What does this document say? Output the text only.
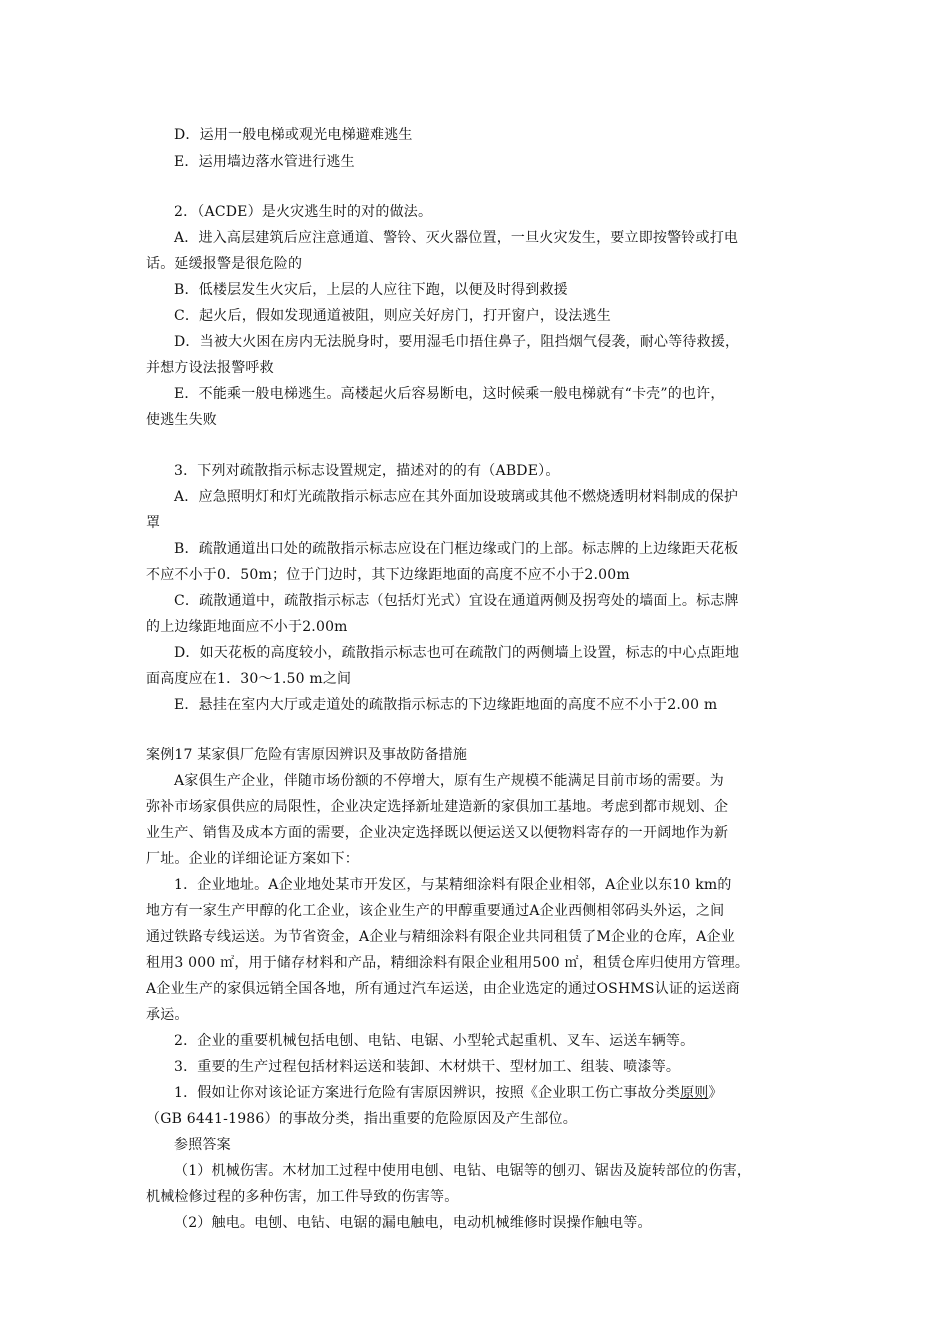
D．运用一般电梯或观光电梯避难逃生
E．运用墙边落水管进行逃生
2．（ACDE）是火灾逃生时的对的做法。
A．进入高层建筑后应注意通道、警铃、灭火器位置，一旦火灾发生，要立即按警铃或打电
话。延缓报警是很危险的
B．低楼层发生火灾后，上层的人应往下跑，以便及时得到救援
C．起火后，假如发现通道被阻，则应关好房门，打开窗户，设法逃生
D．当被大火困在房内无法脱身时，要用湿毛巾捂住鼻子，阻挡烟气侵袭，耐心等待救援，
并想方设法报警呼救
E．不能乘一般电梯逃生。高楼起火后容易断电，这时候乘一般电梯就有“卡壳”的也许，
使逃生失败
3．下列对疏散指示标志设置规定，描述对的的有（ABDE）。
A．应急照明灯和灯光疏散指示标志应在其外面加设玻璃或其他不燃烧透明材料制成的保护
罩
B．疏散通道出口处的疏散指示标志应设在门框边缘或门的上部。标志牌的上边缘距天花板
不应不小于0．50m；位于门边时，其下边缘距地面的高度不应不小于2.00m
C．疏散通道中，疏散指示标志（包括灯光式）宜设在通道两侧及拐弯处的墙面上。标志牌
的上边缘距地面应不小于2.00m
D．如天花板的高度较小，疏散指示标志也可在疏散门的两侧墙上设置，标志的中心点距地
面高度应在1．30～1.50 m之间
E．悬挂在室内大厅或走道处的疏散指示标志的下边缘距地面的高度不应不小于2.00 m
案例17 某家俱厂危险有害原因辨识及事故防备措施
A家俱生产企业，伴随市场份额的不停增大，原有生产规模不能满足目前市场的需要。为
弥补市场家俱供应的局限性，企业决定选择新址建造新的家俱加工基地。考虑到都市规划、企
业生产、销售及成本方面的需要，企业决定选择既以便运送又以便物料寄存的一开阔地作为新
厂址。企业的详细论证方案如下：
1．企业地址。A企业地处某市开发区，与某精细涂料有限企业相邻，A企业以东10 km的
地方有一家生产甲醇的化工企业，该企业生产的甲醇重要通过A企业西侧相邻码头外运，之间
通过铁路专线运送。为节省资金，A企业与精细涂料有限企业共同租赁了M企业的仓库，A企业
租用3 000 ㎡，用于储存材料和产品，精细涂料有限企业租用500 ㎡，租赁仓库归使用方管理。
A企业生产的家俱远销全国各地，所有通过汽车运送，由企业选定的通过OSHMS认证的运送商
承运。
2．企业的重要机械包括电刨、电钻、电锯、小型轮式起重机、叉车、运送车辆等。
3．重要的生产过程包括材料运送和装卸、木材烘干、型材加工、组装、喷漆等。
1．假如让你对该论证方案进行危险有害原因辨识，按照《企业职工伤亡事故分类原则》
（GB 6441-1986）的事故分类，指出重要的危险原因及产生部位。
参照答案
（1）机械伤害。木材加工过程中使用电刨、电钻、电锯等的刨刃、锯齿及旋转部位的伤害，
机械检修过程的多种伤害，加工件导致的伤害等。
（2）触电。电刨、电钻、电锯的漏电触电，电动机械维修时误操作触电等。
